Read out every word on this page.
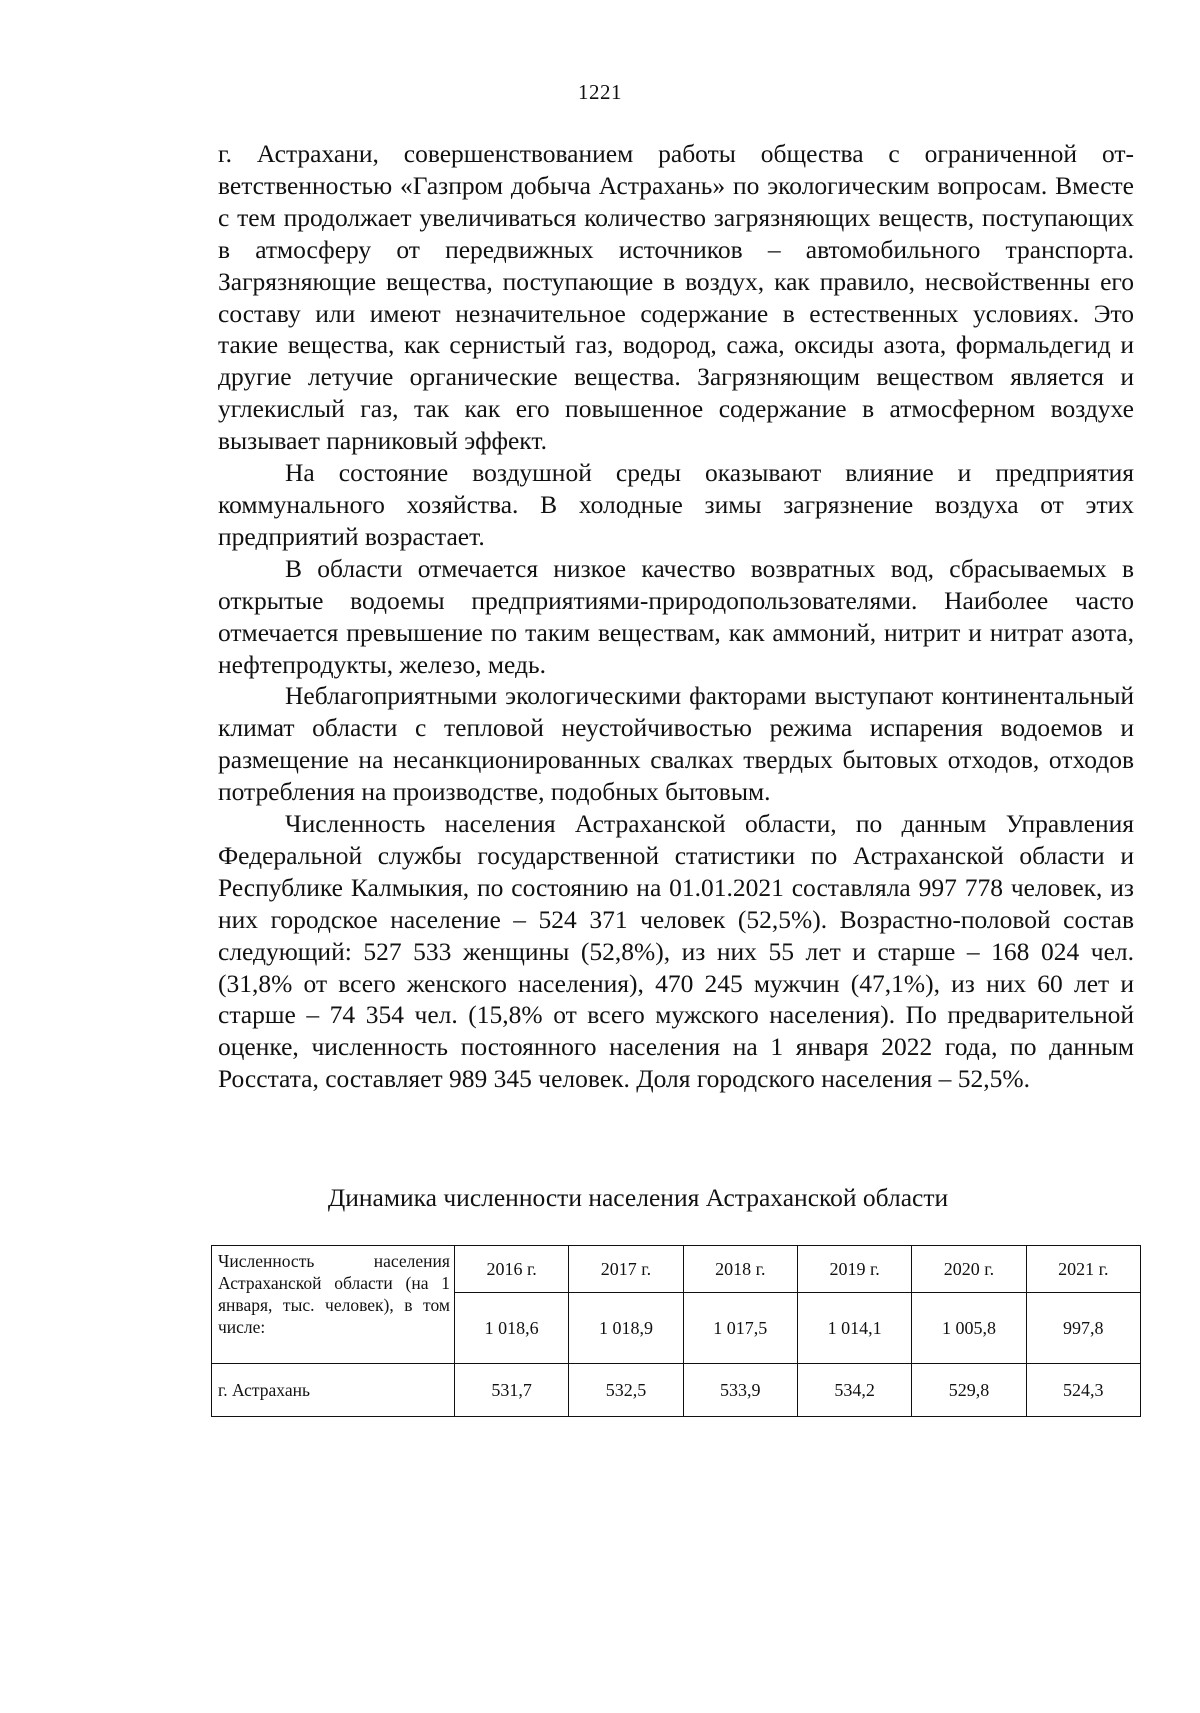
1221

г. Астрахани, совершенствованием работы общества с ограниченной ответственностью «Газпром добыча Астрахань» по экологическим вопросам. Вместе с тем продолжает увеличиваться количество загрязняющих веществ, поступающих в атмосферу от передвижных источников – автомобильного транспорта. Загрязняющие вещества, поступающие в воздух, как правило, несвойственны его составу или имеют незначительное содержание в естественных условиях. Это такие вещества, как сернистый газ, водород, сажа, оксиды азота, формальдегид и другие летучие органические вещества. Загрязняющим веществом является и углекислый газ, так как его повышенное содержание в атмосферном воздухе вызывает парниковый эффект.

На состояние воздушной среды оказывают влияние и предприятия коммунального хозяйства. В холодные зимы загрязнение воздуха от этих предприятий возрастает.

В области отмечается низкое качество возвратных вод, сбрасываемых в открытые водоемы предприятиями-природопользователями. Наиболее часто отмечается превышение по таким веществам, как аммоний, нитрит и нитрат азота, нефтепродукты, железо, медь.

Неблагоприятными экологическими факторами выступают континентальный климат области с тепловой неустойчивостью режима испарения водоемов и размещение на несанкционированных свалках твердых бытовых отходов, отходов потребления на производстве, подобных бытовым.

Численность населения Астраханской области, по данным Управления Федеральной службы государственной статистики по Астраханской области и Республике Калмыкия, по состоянию на 01.01.2021 составляла 997 778 человек, из них городское население – 524 371 человек (52,5%). Возрастно-половой состав следующий: 527 533 женщины (52,8%), из них 55 лет и старше – 168 024 чел. (31,8% от всего женского населения), 470 245 мужчин (47,1%), из них 60 лет и старше – 74 354 чел. (15,8% от всего мужского населения). По предварительной оценке, численность постоянного населения на 1 января 2022 года, по данным Росстата, составляет 989 345 человек. Доля городского населения – 52,5%.

Динамика численности населения Астраханской области
Численность населения Астраханской области (на 1 января, тыс. человек), в том числе:	2016 г.	2017 г.	2018 г.	2019 г.	2020 г.	2021 г.
	1 018,6	1 018,9	1 017,5	1 014,1	1 005,8	997,8
г. Астрахань	531,7	532,5	533,9	534,2	529,8	524,3
